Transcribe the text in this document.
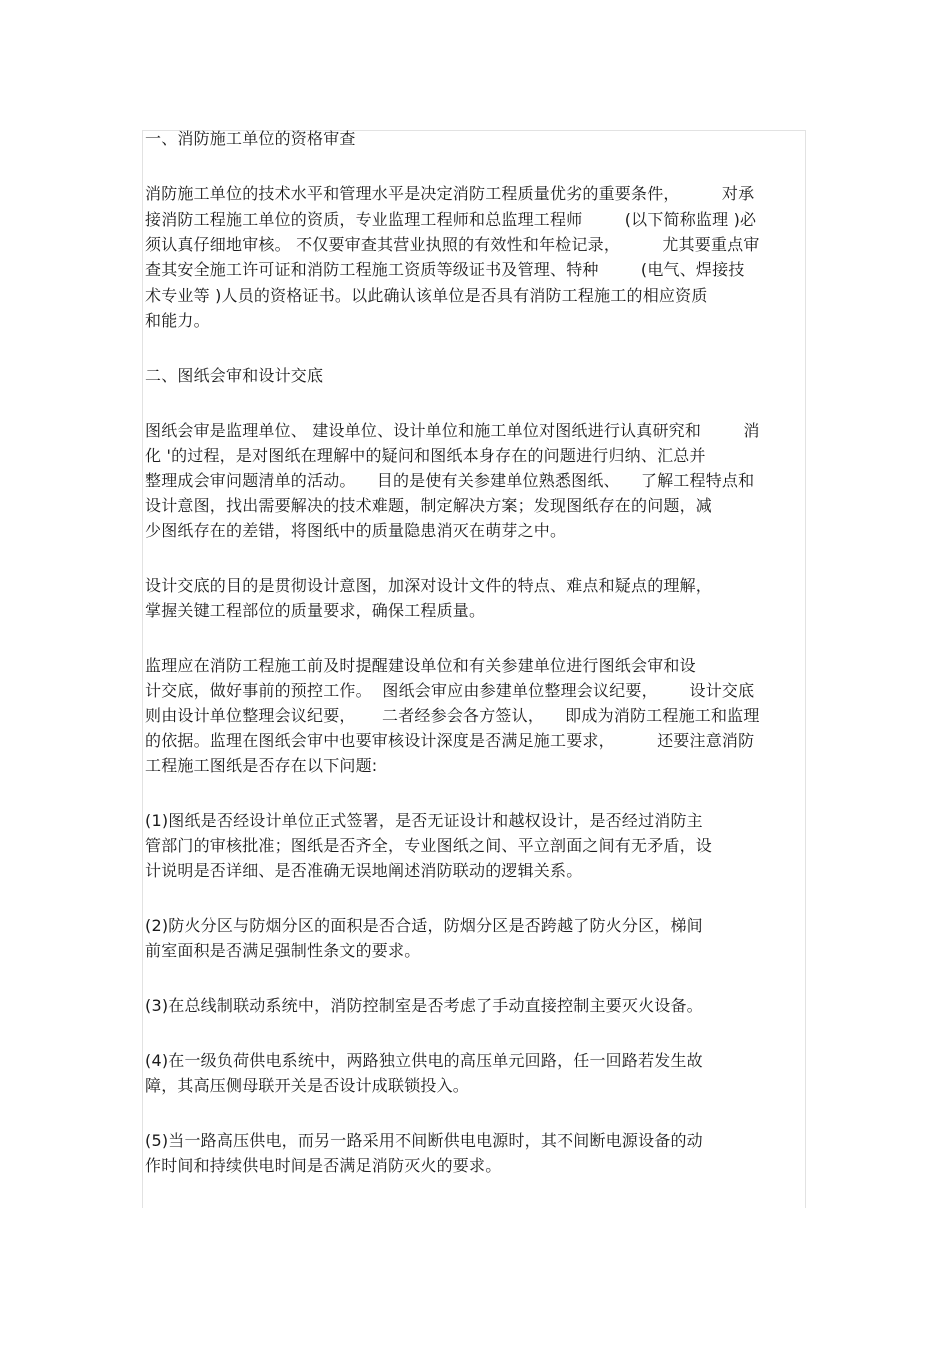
一、消防施工单位的资格审查
消防施工单位的技术水平和管理水平是决定消防工程质量优劣的重要条件，        对承
接消防工程施工单位的资质，专业监理工程师和总监理工程师        (以下简称监理 )必
须认真仔细地审核。 不仅要审查其营业执照的有效性和年检记录，        尤其要重点审
查其安全施工许可证和消防工程施工资质等级证书及管理、特种        (电气、焊接技
术专业等 )人员的资格证书。以此确认该单位是否具有消防工程施工的相应资质
和能力。
二、图纸会审和设计交底
图纸会审是监理单位、 建设单位、设计单位和施工单位对图纸进行认真研究和        消
化 '的过程，是对图纸在理解中的疑问和图纸本身存在的问题进行归纳、汇总并
整理成会审问题清单的活动。    目的是使有关参建单位熟悉图纸、    了解工程特点和
设计意图，找出需要解决的技术难题，制定解决方案；发现图纸存在的问题，减
少图纸存在的差错，将图纸中的质量隐患消灭在萌芽之中。
设计交底的目的是贯彻设计意图，加深对设计文件的特点、难点和疑点的理解，
掌握关键工程部位的质量要求，确保工程质量。
监理应在消防工程施工前及时提醒建设单位和有关参建单位进行图纸会审和设
计交底，做好事前的预控工作。  图纸会审应由参建单位整理会议纪要，      设计交底
则由设计单位整理会议纪要，     二者经参会各方签认，    即成为消防工程施工和监理
的依据。监理在图纸会审中也要审核设计深度是否满足施工要求，        还要注意消防
工程施工图纸是否存在以下问题:
(1)图纸是否经设计单位正式签署，是否无证设计和越权设计，是否经过消防主
管部门的审核批准；图纸是否齐全，专业图纸之间、平立剖面之间有无矛盾，设
计说明是否详细、是否准确无误地阐述消防联动的逻辑关系。
(2)防火分区与防烟分区的面积是否合适，防烟分区是否跨越了防火分区，梯间
前室面积是否满足强制性条文的要求。
(3)在总线制联动系统中，消防控制室是否考虑了手动直接控制主要灭火设备。
(4)在一级负荷供电系统中，两路独立供电的高压单元回路，任一回路若发生故
障，其高压侧母联开关是否设计成联锁投入。
(5)当一路高压供电，而另一路采用不间断供电电源时，其不间断电源设备的动
作时间和持续供电时间是否满足消防灭火的要求。
